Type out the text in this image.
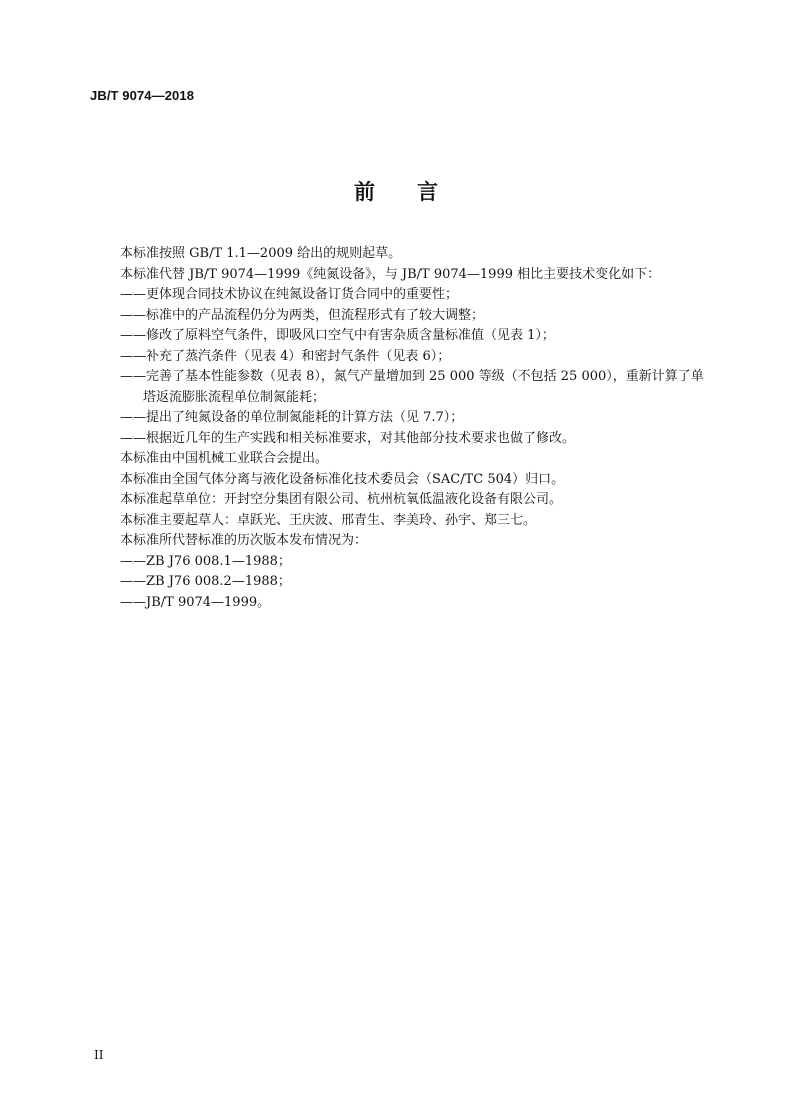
JB/T 9074—2018
前　　言
本标准按照 GB/T 1.1—2009 给出的规则起草。
本标准代替 JB/T 9074—1999《纯氮设备》，与 JB/T 9074—1999 相比主要技术变化如下：
——更体现合同技术协议在纯氮设备订货合同中的重要性；
——标准中的产品流程仍分为两类，但流程形式有了较大调整；
——修改了原料空气条件，即吸风口空气中有害杂质含量标准值（见表 1）；
——补充了蒸汽条件（见表 4）和密封气条件（见表 6）；
——完善了基本性能参数（见表 8），氮气产量增加到 25 000 等级（不包括 25 000），重新计算了单
塔返流膨胀流程单位制氮能耗；
——提出了纯氮设备的单位制氮能耗的计算方法（见 7.7）；
——根据近几年的生产实践和相关标准要求，对其他部分技术要求也做了修改。
本标准由中国机械工业联合会提出。
本标准由全国气体分离与液化设备标准化技术委员会（SAC/TC 504）归口。
本标准起草单位：开封空分集团有限公司、杭州杭氧低温液化设备有限公司。
本标准主要起草人：卓跃光、王庆波、邢青生、李美玲、孙宇、郑三七。
本标准所代替标准的历次版本发布情况为：
——ZB J76 008.1—1988；
——ZB J76 008.2—1988；
——JB/T 9074—1999。
II
